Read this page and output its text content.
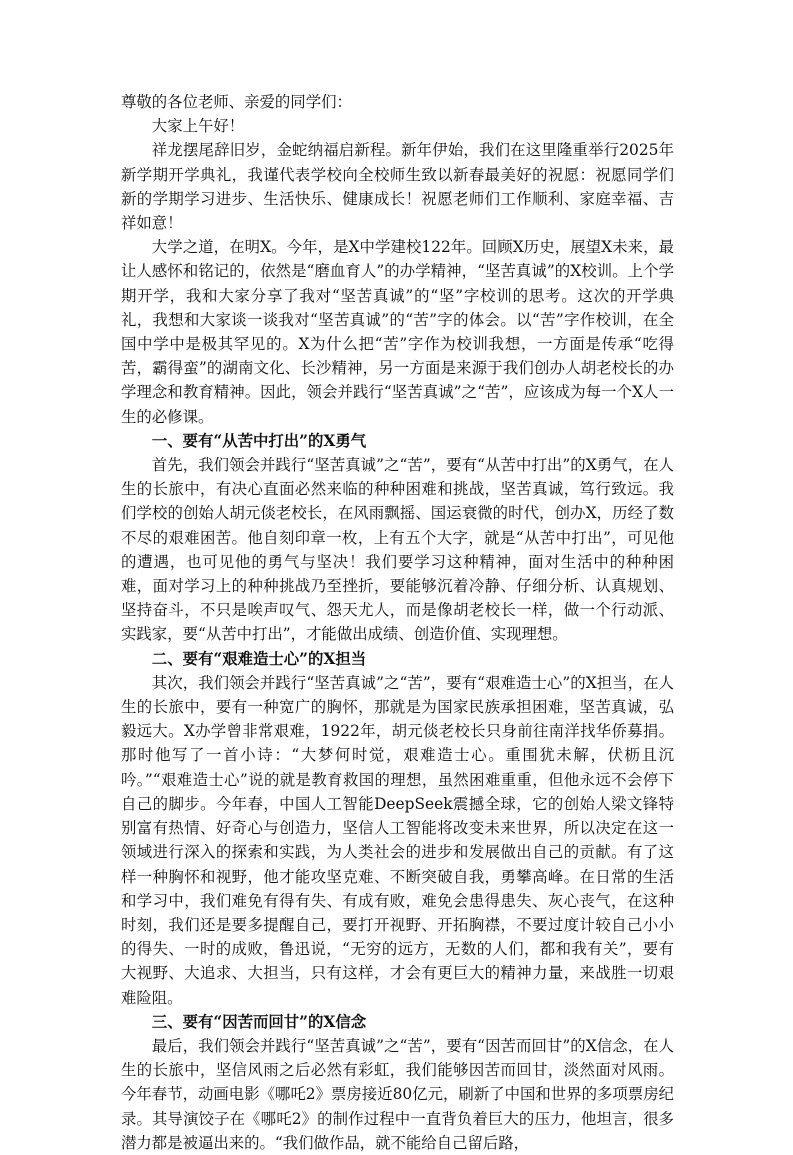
尊敬的各位老师、亲爱的同学们：

大家上午好！

祥龙摆尾辞旧岁，金蛇纳福启新程。新年伊始，我们在这里隆重举行2025年新学期开学典礼，我谨代表学校向全校师生致以新春最美好的祝愿：祝愿同学们新的学期学习进步、生活快乐、健康成长！祝愿老师们工作顺利、家庭幸福、吉祥如意！

大学之道，在明X。今年，是X中学建校122年。回顾X历史，展望X未来，最让人感怀和铭记的，依然是“磨血育人”的办学精神，“坚苦真诚”的X校训。上个学期开学，我和大家分享了我对“坚苦真诚”的“坚”字校训的思考。这次的开学典礼，我想和大家谈一谈我对“坚苦真诚”的“苦”字的体会。以“苦”字作校训，在全国中学中是极其罕见的。X为什么把“苦”字作为校训我想，一方面是传承“吃得苦，霸得蛮”的湖南文化、长沙精神，另一方面是来源于我们创办人胡老校长的办学理念和教育精神。因此，领会并践行“坚苦真诚”之“苦”，应该成为每一个X人一生的必修课。

一、要有“从苦中打出”的X勇气

首先，我们领会并践行“坚苦真诚”之“苦”，要有“从苦中打出”的X勇气，在人生的长旅中，有决心直面必然来临的种种困难和挑战，坚苦真诚，笃行致远。我们学校的创始人胡元倓老校长，在风雨飘摇、国运衰微的时代，创办X，历经了数不尽的艰难困苦。他自刻印章一枚，上有五个大字，就是“从苦中打出”，可见他的遭遇，也可见他的勇气与坚决！我们要学习这种精神，面对生活中的种种困难，面对学习上的种种挑战乃至挫折，要能够沉着冷静、仔细分析、认真规划、坚持奋斗，不只是唉声叹气、怨天尤人，而是像胡老校长一样，做一个行动派、实践家，要“从苦中打出”，才能做出成绩、创造价值、实现理想。

二、要有“艰难造士心”的X担当

其次，我们领会并践行“坚苦真诚”之“苦”，要有“艰难造士心”的X担当，在人生的长旅中，要有一种宽广的胸怀，那就是为国家民族承担困难，坚苦真诚，弘毅远大。X办学曾非常艰难，1922年，胡元倓老校长只身前往南洋找华侨募捐。那时他写了一首小诗：“大梦何时觉，艰难造士心。重围犹未解，伏枥且沉吟。”“艰难造士心”说的就是教育救国的理想，虽然困难重重，但他永远不会停下自己的脚步。今年春，中国人工智能DeepSeek震撼全球，它的创始人梁文锋特别富有热情、好奇心与创造力，坚信人工智能将改变未来世界，所以决定在这一领域进行深入的探索和实践，为人类社会的进步和发展做出自己的贡献。有了这样一种胸怀和视野，他才能攻坚克难、不断突破自我，勇攀高峰。在日常的生活和学习中，我们难免有得有失、有成有败，难免会患得患失、灰心丧气，在这种时刻，我们还是要多提醒自己，要打开视野、开拓胸襟，不要过度计较自己小小的得失、一时的成败，鲁迅说，“无穷的远方，无数的人们，都和我有关”，要有大视野、大追求、大担当，只有这样，才会有更巨大的精神力量，来战胜一切艰难险阻。

三、要有“因苦而回甘”的X信念

最后，我们领会并践行“坚苦真诚”之“苦”，要有“因苦而回甘”的X信念，在人生的长旅中，坚信风雨之后必然有彩虹，我们能够因苦而回甘，淡然面对风雨。今年春节，动画电影《哪吒2》票房接近80亿元，刷新了中国和世界的多项票房纪录。其导演饺子在《哪吒2》的制作过程中一直背负着巨大的压力，他坦言，很多潜力都是被逼出来的。“我们做作品，就不能给自己留后路，
